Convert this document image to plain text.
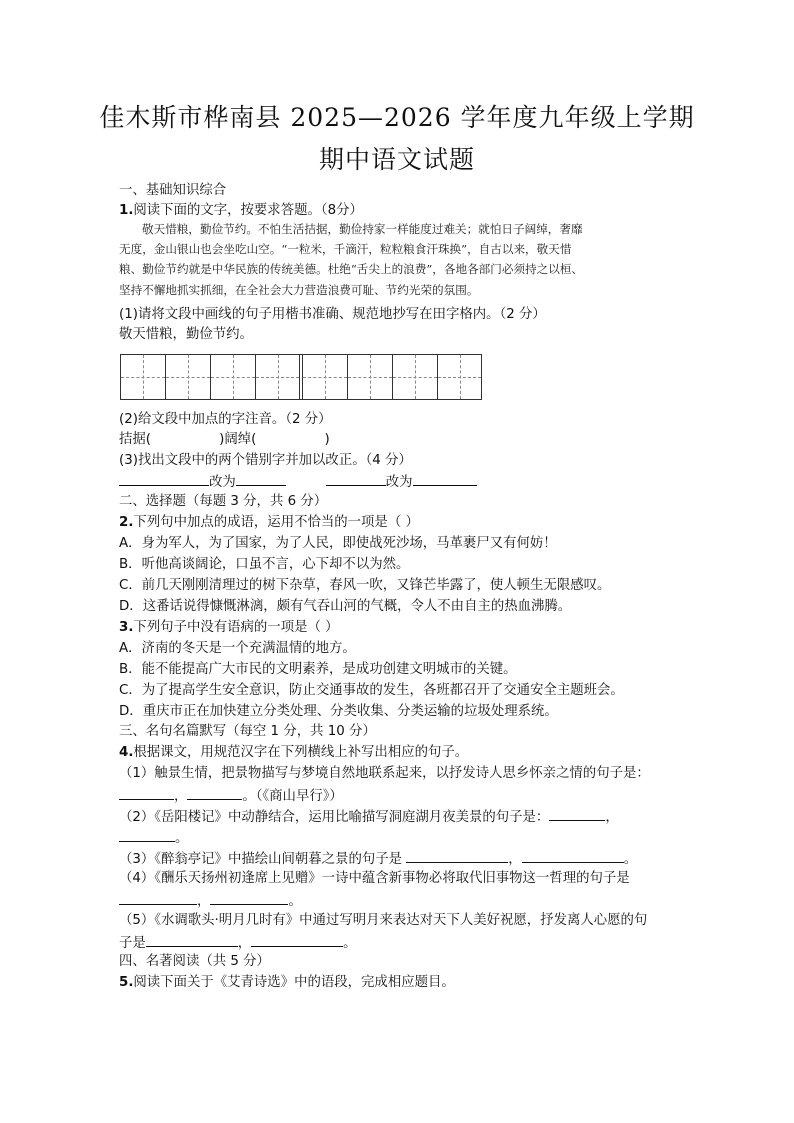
佳木斯市桦南县 2025—2026 学年度九年级上学期
期中语文试题
一、基础知识综合
1.阅读下面的文字，按要求答题。（8分）

敬天惜粮，勤俭节约。不怕生活拮据，勤俭持家一样能度过难关；就怕日子阔绰，奢靡

无度，金山银山也会坐吃山空。“一粒米，千滴汗，粒粒粮食汗珠换”，自古以来，敬天惜

粮、勤俭节约就是中华民族的传统美德。杜绝“舌尖上的浪费”，各地各部门必须持之以桓、

坚持不懈地抓实抓细，在全社会大力营造浪费可耻、节约光荣的氛围。

(1)请将文段中画线的句子用楷书准确、规范地抄写在田字格内。（2 分）
敬天惜粮，勤俭节约。
(2)给文段中加点的字注音。（2 分）
拮据(                )阔绰(                )
(3)找出文段中的两个错别字并加以改正。（4 分）
改为	改为
二、选择题（每题 3 分，共 6 分）
2.下列句中加点的成语，运用不恰当的一项是（ ）
A．身为军人，为了国家，为了人民，即使战死沙场，马革裹尸又有何妨！
B．听他高谈阔论，口虽不言，心下却不以为然。
C．前几天刚刚清理过的树下杂草，春风一吹，又锋芒毕露了，使人顿生无限感叹。
D．这番话说得慷慨淋漓，颇有气吞山河的气概，令人不由自主的热血沸腾。
3.下列句子中没有语病的一项是（ ）
A．济南的冬天是一个充满温情的地方。
B．能不能提高广大市民的文明素养，是成功创建文明城市的关键。
C．为了提高学生安全意识，防止交通事故的发生，各班都召开了交通安全主题班会。
D．重庆市正在加快建立分类处理、分类收集、分类运输的垃圾处理系统。
三、名句名篇默写（每空 1 分，共 10 分）
4.根据课文，用规范汉字在下列横线上补写出相应的句子。
（1）触景生情，把景物描写与梦境自然地联系起来，以抒发诗人思乡怀亲之情的句子是：
，	。（《商山早行》）
（2）《岳阳楼记》中动静结合，运用比喻描写洞庭湖月夜美景的句子是：	，
。
（3）《醉翁亭记》中描绘山间朝暮之景的句子是	，	。
（4）《酬乐天扬州初逢席上见赠》一诗中蕴含新事物必将取代旧事物这一哲理的句子是
，	。
（5）《水调歌头·明月几时有》中通过写明月来表达对天下人美好祝愿，抒发离人心愿的句
子是	，	。
四、名著阅读（共 5 分）
5.阅读下面关于《艾青诗选》中的语段，完成相应题目。
